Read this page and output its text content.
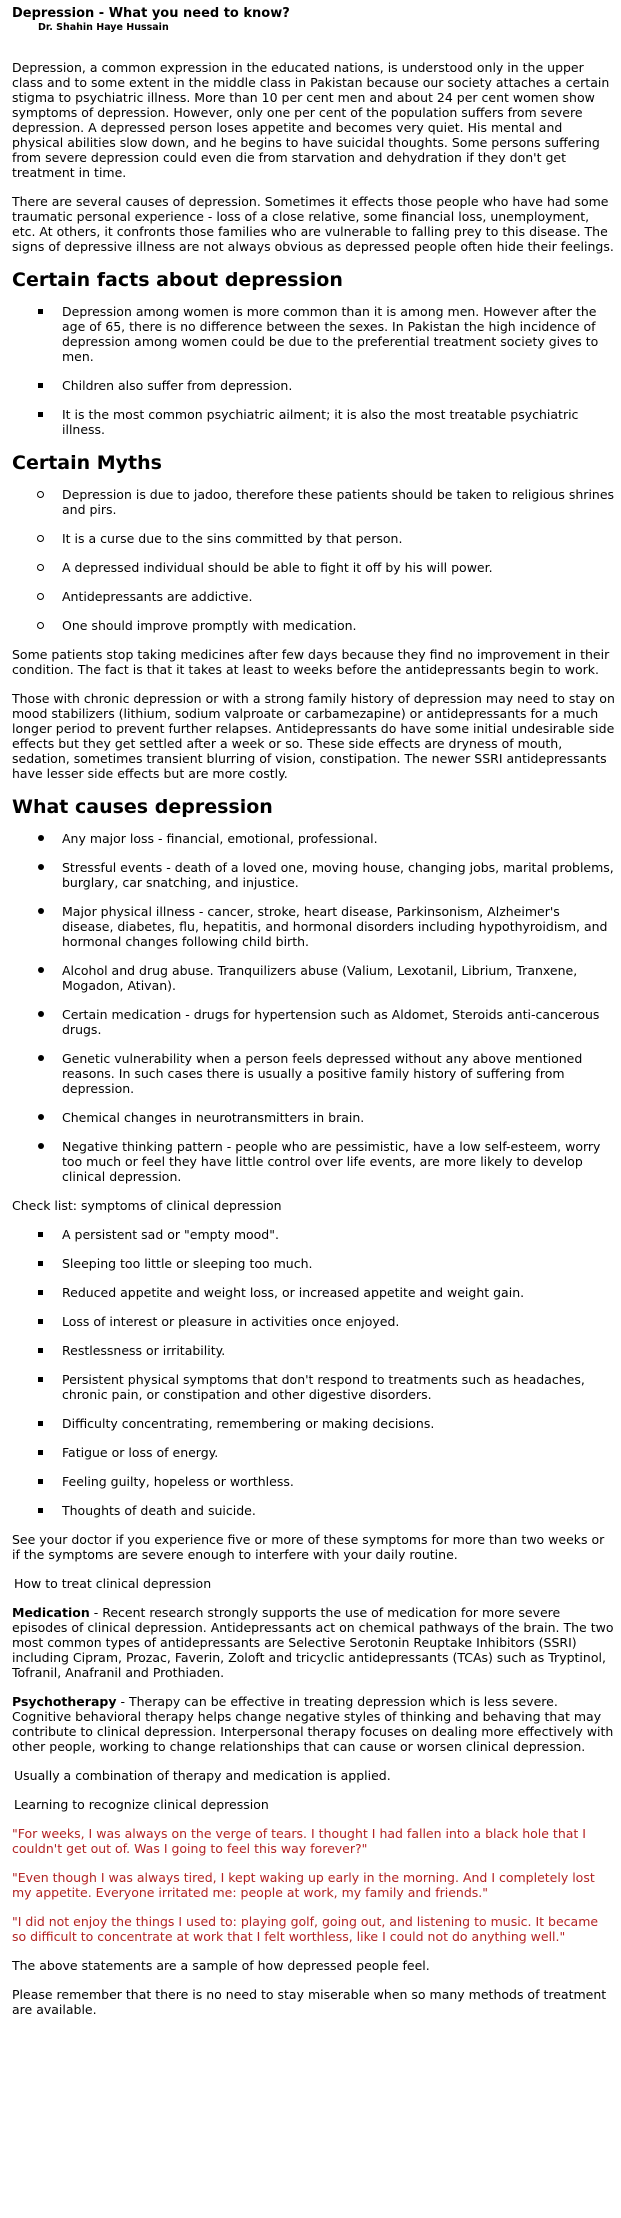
Depression - What you need to know?
Dr. Shahin Haye Hussain

Depression, a common expression in the educated nations, is understood only in the upper class and to some extent in the middle class in Pakistan because our society attaches a certain stigma to psychiatric illness. More than 10 per cent men and about 24 per cent women show symptoms of depression. However, only one per cent of the population suffers from severe depression. A depressed person loses appetite and becomes very quiet. His mental and physical abilities slow down, and he begins to have suicidal thoughts. Some persons suffering from severe depression could even die from starvation and dehydration if they don't get treatment in time.

There are several causes of depression. Sometimes it effects those people who have had some traumatic personal experience - loss of a close relative, some financial loss, unemployment, etc. At others, it confronts those families who are vulnerable to falling prey to this disease. The signs of depressive illness are not always obvious as depressed people often hide their feelings.

Certain facts about depression
Depression among women is more common than it is among men. However after the age of 65, there is no difference between the sexes. In Pakistan the high incidence of depression among women could be due to the preferential treatment society gives to men.
Children also suffer from depression.
It is the most common psychiatric ailment; it is also the most treatable psychiatric illness.
Certain Myths
Depression is due to jadoo, therefore these patients should be taken to religious shrines and pirs.
It is a curse due to the sins committed by that person.
A depressed individual should be able to fight it off by his will power.
Antidepressants are addictive.
One should improve promptly with medication.

Some patients stop taking medicines after few days because they find no improvement in their condition. The fact is that it takes at least to weeks before the antidepressants begin to work.

Those with chronic depression or with a strong family history of depression may need to stay on mood stabilizers (lithium, sodium valproate or carbamezapine) or antidepressants for a much longer period to prevent further relapses. Antidepressants do have some initial undesirable side effects but they get settled after a week or so. These side effects are dryness of mouth, sedation, sometimes transient blurring of vision, constipation. The newer SSRI antidepressants have lesser side effects but are more costly.

What causes depression
Any major loss - financial, emotional, professional.
Stressful events - death of a loved one, moving house, changing jobs, marital problems, burglary, car snatching, and injustice.
Major physical illness - cancer, stroke, heart disease, Parkinsonism, Alzheimer's disease, diabetes, flu, hepatitis, and hormonal disorders including hypothyroidism, and hormonal changes following child birth.
Alcohol and drug abuse. Tranquilizers abuse (Valium, Lexotanil, Librium, Tranxene, Mogadon, Ativan).
Certain medication - drugs for hypertension such as Aldomet, Steroids anti-cancerous drugs.
Genetic vulnerability when a person feels depressed without any above mentioned reasons. In such cases there is usually a positive family history of suffering from depression.
Chemical changes in neurotransmitters in brain.
Negative thinking pattern - people who are pessimistic, have a low self-esteem, worry too much or feel they have little control over life events, are more likely to develop clinical depression.

Check list: symptoms of clinical depression

A persistent sad or "empty mood".
Sleeping too little or sleeping too much.
Reduced appetite and weight loss, or increased appetite and weight gain.
Loss of interest or pleasure in activities once enjoyed.
Restlessness or irritability.
Persistent physical symptoms that don't respond to treatments such as headaches, chronic pain, or constipation and other digestive disorders.
Difficulty concentrating, remembering or making decisions.
Fatigue or loss of energy.
Feeling guilty, hopeless or worthless.
Thoughts of death and suicide.

See your doctor if you experience five or more of these symptoms for more than two weeks or if the symptoms are severe enough to interfere with your daily routine.

How to treat clinical depression

Medication - Recent research strongly supports the use of medication for more severe episodes of clinical depression. Antidepressants act on chemical pathways of the brain. The two most common types of antidepressants are Selective Serotonin Reuptake Inhibitors (SSRI) including Cipram, Prozac, Faverin, Zoloft and tricyclic antidepressants (TCAs) such as Tryptinol, Tofranil, Anafranil and Prothiaden.

Psychotherapy - Therapy can be effective in treating depression which is less severe. Cognitive behavioral therapy helps change negative styles of thinking and behaving that may contribute to clinical depression. Interpersonal therapy focuses on dealing more effectively with other people, working to change relationships that can cause or worsen clinical depression.

Usually a combination of therapy and medication is applied.

Learning to recognize clinical depression

"For weeks, I was always on the verge of tears. I thought I had fallen into a black hole that I couldn't get out of. Was I going to feel this way forever?"

"Even though I was always tired, I kept waking up early in the morning. And I completely lost my appetite. Everyone irritated me: people at work, my family and friends."

"I did not enjoy the things I used to: playing golf, going out, and listening to music. It became so difficult to concentrate at work that I felt worthless, like I could not do anything well."

The above statements are a sample of how depressed people feel.

Please remember that there is no need to stay miserable when so many methods of treatment are available.
